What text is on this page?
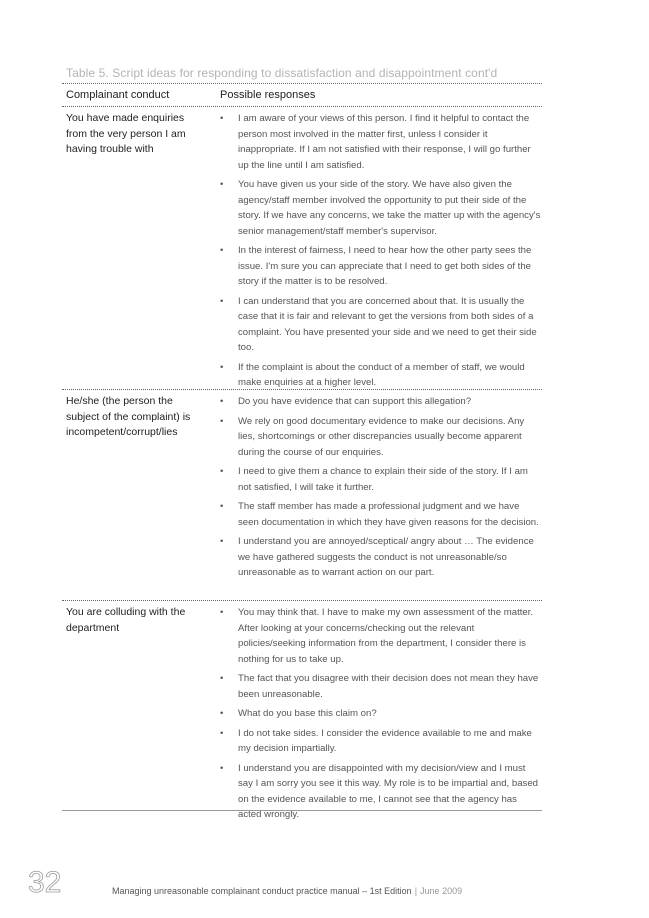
Table 5. Script ideas for responding to dissatisfaction and disappointment cont'd
Complainant conduct	Possible responses
You have made enquiries from the very person I am having trouble with
• I am aware of your views of this person. I find it helpful to contact the person most involved in the matter first, unless I consider it inappropriate. If I am not satisfied with their response, I will go further up the line until I am satisfied.
• You have given us your side of the story. We have also given the agency/staff member involved the opportunity to put their side of the story. If we have any concerns, we take the matter up with the agency's senior management/staff member's supervisor.
• In the interest of fairness, I need to hear how the other party sees the issue. I'm sure you can appreciate that I need to get both sides of the story if the matter is to be resolved.
• I can understand that you are concerned about that. It is usually the case that it is fair and relevant to get the versions from both sides of a complaint. You have presented your side and we need to get their side too.
• If the complaint is about the conduct of a member of staff, we would make enquiries at a higher level.
He/she (the person the subject of the complaint) is incompetent/corrupt/lies
• Do you have evidence that can support this allegation?
• We rely on good documentary evidence to make our decisions. Any lies, shortcomings or other discrepancies usually become apparent during the course of our enquiries.
• I need to give them a chance to explain their side of the story. If I am not satisfied, I will take it further.
• The staff member has made a professional judgment and we have seen documentation in which they have given reasons for the decision.
• I understand you are annoyed/sceptical/ angry about … The evidence we have gathered suggests the conduct is not unreasonable/so unreasonable as to warrant action on our part.
You are colluding with the department
• You may think that. I have to make my own assessment of the matter. After looking at your concerns/checking out the relevant policies/seeking information from the department, I consider there is nothing for us to take up.
• The fact that you disagree with their decision does not mean they have been unreasonable.
• What do you base this claim on?
• I do not take sides. I consider the evidence available to me and make my decision impartially.
• I understand you are disappointed with my decision/view and I must say I am sorry you see it this way. My role is to be impartial and, based on the evidence available to me, I cannot see that the agency has acted wrongly.
32	Managing unreasonable complainant conduct practice manual – 1st Edition | June 2009
